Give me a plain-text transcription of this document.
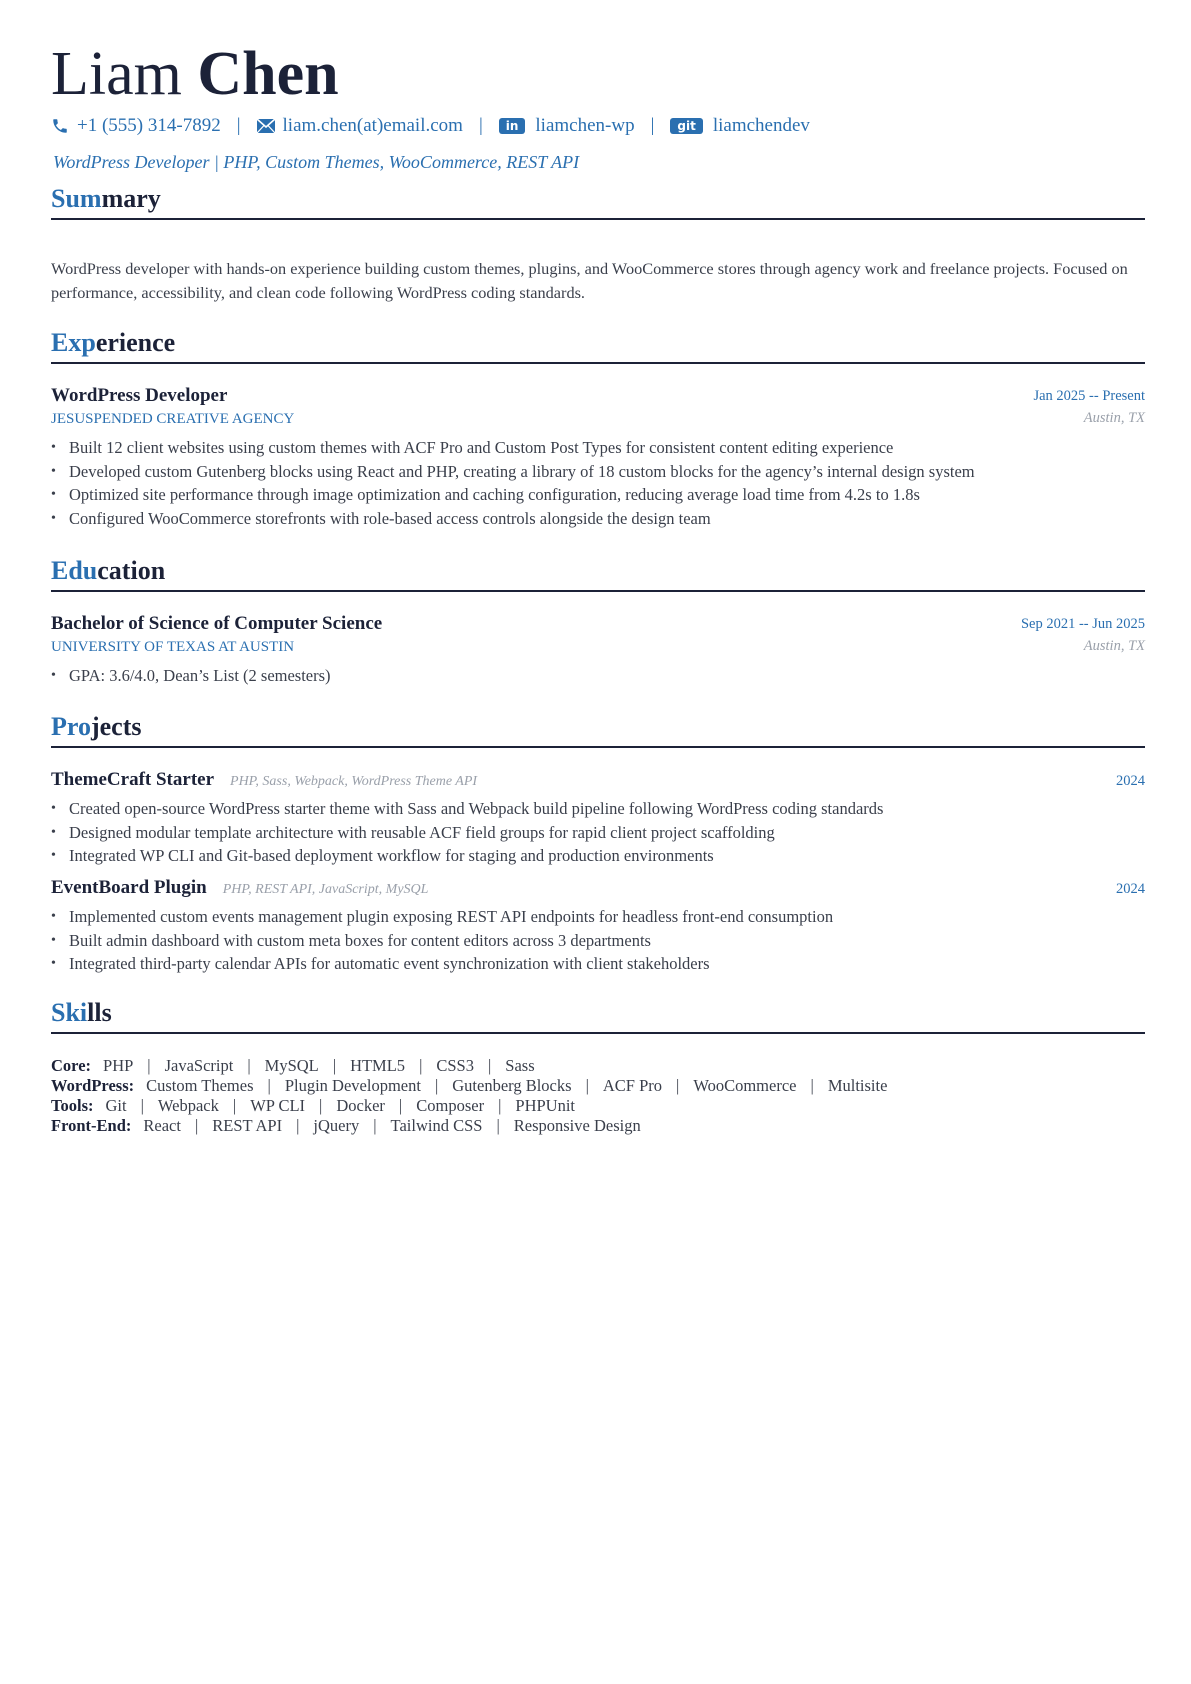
Liam Chen
+1 (555) 314-7892 | liam.chen(at)email.com |	in liamchen-wp |	git liamchendev
WordPress Developer | PHP, Custom Themes, WooCommerce, REST API
Summary
WordPress developer with hands-on experience building custom themes, plugins, and WooCommerce stores through agency work and freelance projects. Focused on performance, accessibility, and clean code following WordPress coding standards.
Experience
WordPress Developer	Jan 2025 -- Present
JESUSPENDED CREATIVE AGENCY	Austin, TX
• Built 12 client websites using custom themes with ACF Pro and Custom Post Types for consistent content editing experience
• Developed custom Gutenberg blocks using React and PHP, creating a library of 18 custom blocks for the agency’s internal design system
• Optimized site performance through image optimization and caching configuration, reducing average load time from 4.2s to 1.8s
• Configured WooCommerce storefronts with role-based access controls alongside the design team
Education
Bachelor of Science of Computer Science	Sep 2021 -- Jun 2025
UNIVERSITY OF TEXAS AT AUSTIN	Austin, TX
• GPA: 3.6/4.0, Dean’s List (2 semesters)
Projects
ThemeCraft Starter PHP, Sass, Webpack, WordPress Theme API	2024
• Created open-source WordPress starter theme with Sass and Webpack build pipeline following WordPress coding standards
• Designed modular template architecture with reusable ACF field groups for rapid client project scaffolding
• Integrated WP CLI and Git-based deployment workflow for staging and production environments
EventBoard Plugin PHP, REST API, JavaScript, MySQL	2024
• Implemented custom events management plugin exposing REST API endpoints for headless front-end consumption
• Built admin dashboard with custom meta boxes for content editors across 3 departments
• Integrated third-party calendar APIs for automatic event synchronization with client stakeholders
Skills
Core: PHP | JavaScript | MySQL | HTML5 | CSS3 | Sass
WordPress: Custom Themes | Plugin Development | Gutenberg Blocks | ACF Pro | WooCommerce | Multisite
Tools: Git | Webpack | WP CLI | Docker | Composer | PHPUnit
Front-End: React | REST API | jQuery | Tailwind CSS | Responsive Design
